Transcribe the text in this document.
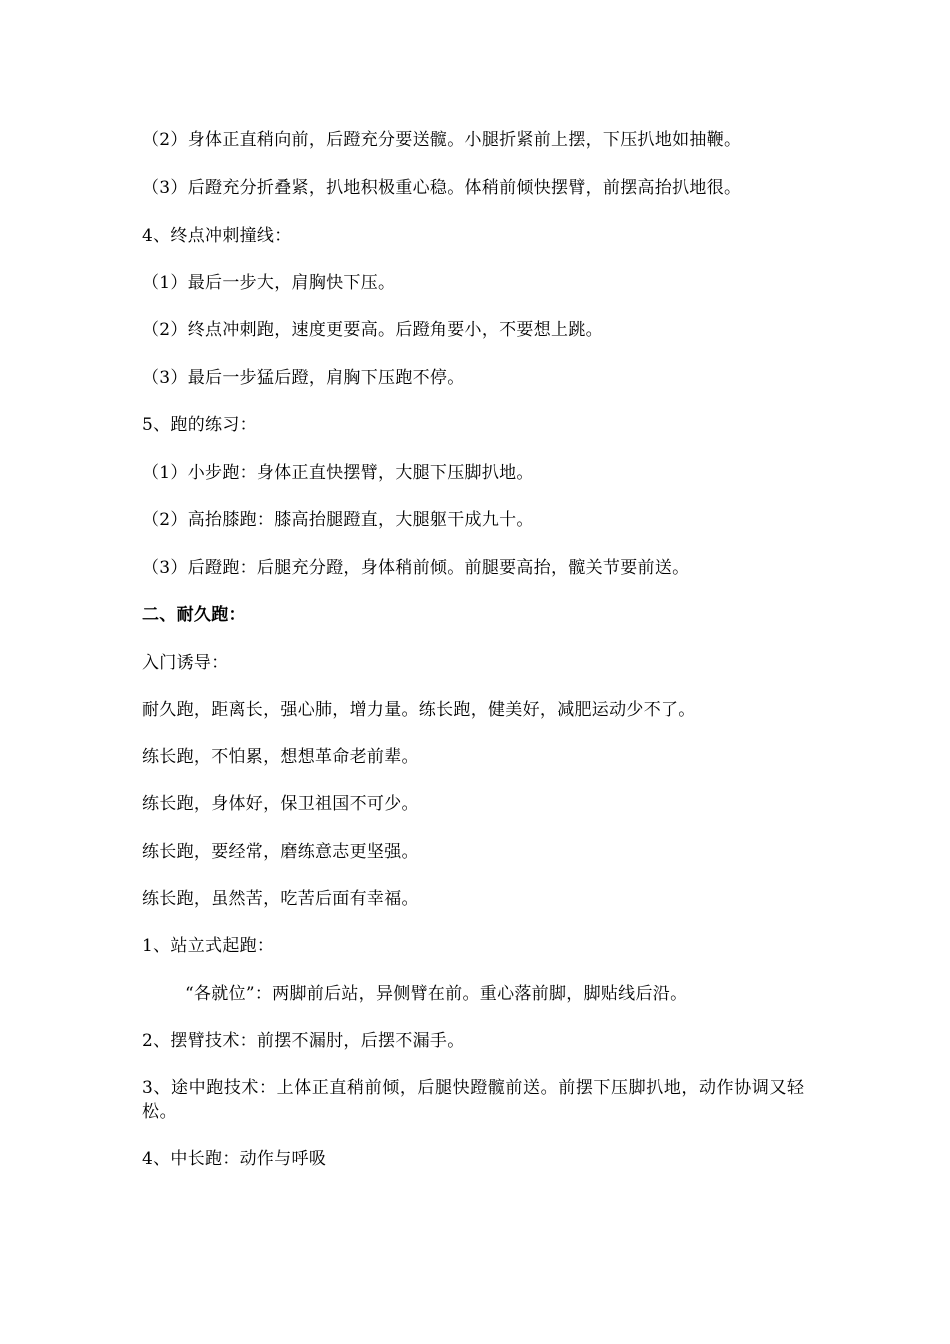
（2）身体正直稍向前，后蹬充分要送髋。小腿折紧前上摆，下压扒地如抽鞭。
（3）后蹬充分折叠紧，扒地积极重心稳。体稍前倾快摆臂，前摆高抬扒地很。
4、终点冲刺撞线：
（1）最后一步大，肩胸快下压。
（2）终点冲刺跑，速度更要高。后蹬角要小，不要想上跳。
（3）最后一步猛后蹬，肩胸下压跑不停。
5、跑的练习：
（1）小步跑：身体正直快摆臂，大腿下压脚扒地。
（2）高抬膝跑：膝高抬腿蹬直，大腿躯干成九十。
（3）后蹬跑：后腿充分蹬，身体稍前倾。前腿要高抬，髋关节要前送。
二、耐久跑：
入门诱导：
耐久跑，距离长，强心肺，增力量。练长跑，健美好，减肥运动少不了。
练长跑，不怕累，想想革命老前辈。
练长跑，身体好，保卫祖国不可少。
练长跑，要经常，磨练意志更坚强。
练长跑，虽然苦，吃苦后面有幸福。
1、站立式起跑：
“各就位”：两脚前后站，异侧臂在前。重心落前脚，脚贴线后沿。
2、摆臂技术：前摆不漏肘，后摆不漏手。
3、途中跑技术：上体正直稍前倾，后腿快蹬髋前送。前摆下压脚扒地，动作协调又轻松。
4、中长跑：动作与呼吸
